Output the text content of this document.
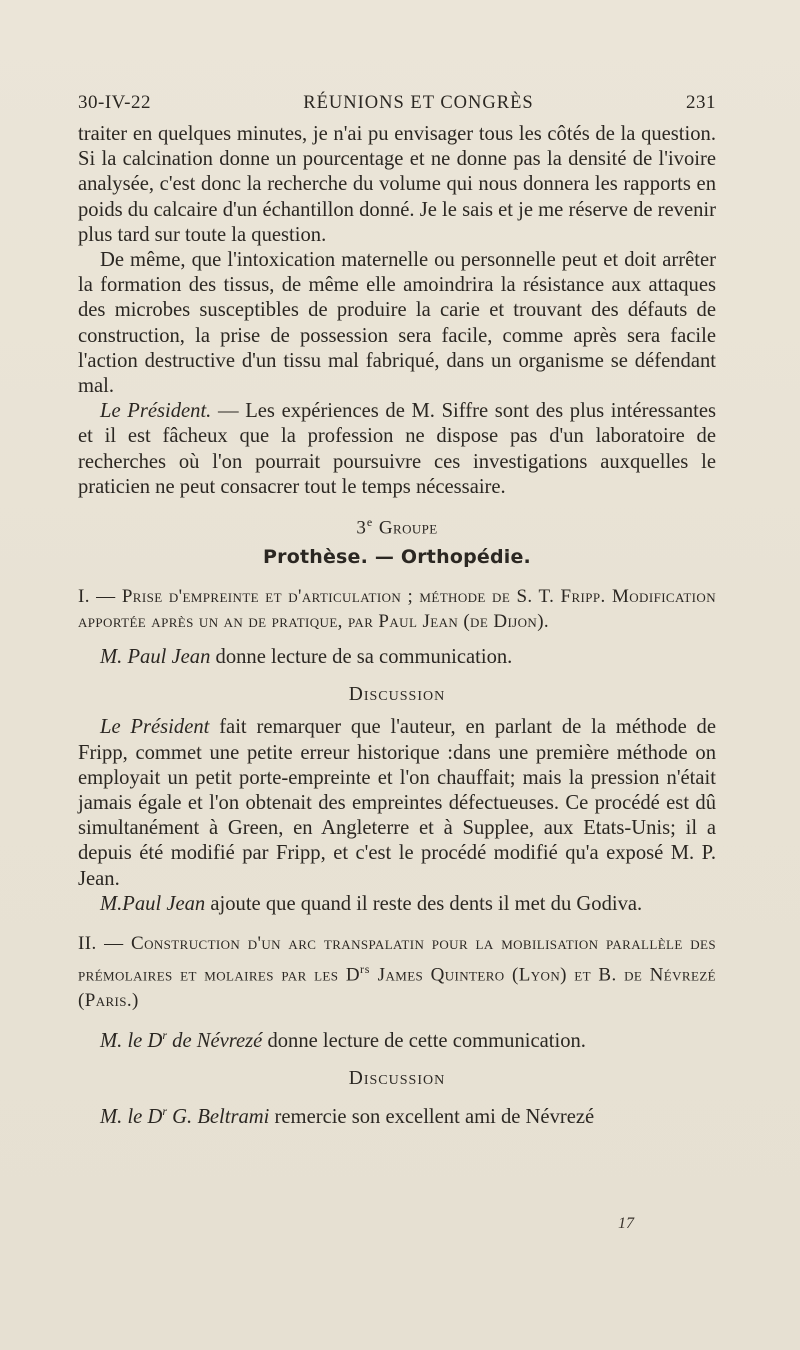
30-IV-22	RÉUNIONS ET CONGRÈS	231

traiter en quelques minutes, je n'ai pu envisager tous les côtés de la question. Si la calcination donne un pourcentage et ne donne pas la densité de l'ivoire analysée, c'est donc la recherche du volume qui nous donnera les rapports en poids du calcaire d'un échantillon donné. Je le sais et je me réserve de revenir plus tard sur toute la question.

De même, que l'intoxication maternelle ou personnelle peut et doit arrêter la formation des tissus, de même elle amoindrira la résistance aux attaques des microbes susceptibles de produire la carie et trouvant des défauts de construction, la prise de possession sera facile, comme après sera facile l'action destructive d'un tissu mal fabriqué, dans un organisme se défendant mal.

Le Président. — Les expériences de M. Siffre sont des plus intéressantes et il est fâcheux que la profession ne dispose pas d'un laboratoire de recherches où l'on pourrait poursuivre ces investigations auxquelles le praticien ne peut consacrer tout le temps nécessaire.

3e Groupe
Prothèse. — Orthopédie.
I. — Prise d'empreinte et d'articulation ; méthode de S. T. Fripp. Modification apportée après un an de pratique, par Paul Jean (de Dijon).

M. Paul Jean donne lecture de sa communication.

Discussion

Le Président fait remarquer que l'auteur, en parlant de la méthode de Fripp, commet une petite erreur historique :dans une première méthode on employait un petit porte-empreinte et l'on chauffait; mais la pression n'était jamais égale et l'on obtenait des empreintes défectueuses. Ce procédé est dû simultanément à Green, en Angleterre et à Supplee, aux Etats-Unis; il a depuis été modifié par Fripp, et c'est le procédé modifié qu'a exposé M. P. Jean.

M.Paul Jean ajoute que quand il reste des dents il met du Godiva.

II. — Construction d'un arc transpalatin pour la mobilisation parallèle des prémolaires et molaires par les $D^{rs}$ James Quintero (Lyon) et B. de Névrezé (Paris.)

M. le $D^r$ de Névrezé donne lecture de cette communication.

Discussion

M. le $D^r$ G. Beltrami remercie son excellent ami de Névrezé

17
